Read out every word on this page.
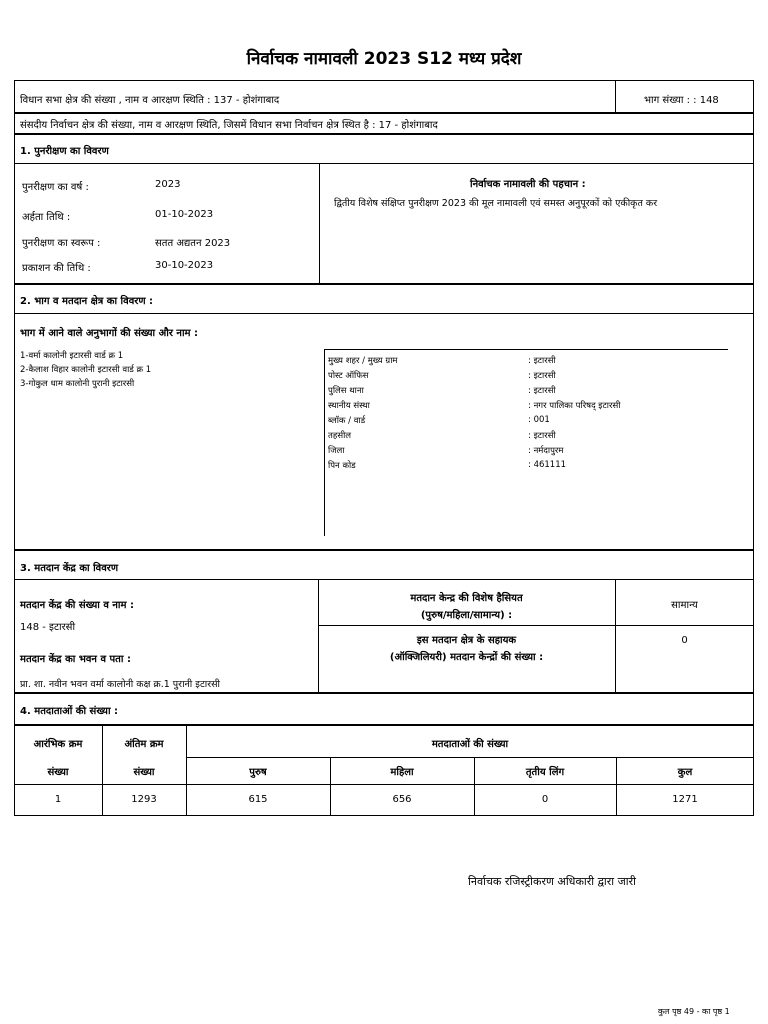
निर्वाचक नामावली 2023 S12 मध्य प्रदेश
विधान सभा क्षेत्र की संख्या , नाम व आरक्षण स्थिति : 137 - होशंगाबाद	भाग संख्या : : 148
संसदीय निर्वाचन क्षेत्र की संख्या, नाम व आरक्षण स्थिति, जिसमें विधान सभा निर्वाचन क्षेत्र स्थित है : 17 - होशंगाबाद
1. पुनरीक्षण का विवरण
पुनरीक्षण का वर्ष :	2023
अर्हता तिथि :	01-10-2023
पुनरीक्षण का स्वरूप :	सतत अद्यतन 2023
प्रकाशन की तिथि :	30-10-2023
निर्वाचक नामावली की पहचान :
द्वितीय विशेष संक्षिप्त पुनरीक्षण 2023 की मूल नामावली एवं समस्त अनुपूरकों को एकीकृत कर
2. भाग व मतदान क्षेत्र का विवरण :
भाग में आने वाले अनुभागों की संख्या और नाम :
1-वर्मा कालोनी इटारसी वार्ड क्र 1
2-कैलाश विहार कालोनी इटारसी वार्ड क्र 1
3-गोकुल धाम कालोनी पुरानी इटारसी
मुख्य शहर / मुख्य ग्राम	: इटारसी
पोस्ट ऑफिस	: इटारसी
पुलिस थाना	: इटारसी
स्थानीय संस्था	: नगर पालिका परिषद् इटारसी
ब्लॉक / वार्ड	: 001
तहसील	: इटारसी
जिला	: नर्मदापुरम
पिन कोड	: 461111
3. मतदान केंद्र का विवरण
मतदान केंद्र की संख्या व नाम :
148 - इटारसी
मतदान केंद्र का भवन व पता :
प्रा. शा. नवीन भवन वर्मा कालोनी कक्ष क्र.1 पुरानी इटारसी
मतदान केन्द्र की विशेष हैसियत
(पुरुष/महिला/सामान्य) :
सामान्य
इस मतदान क्षेत्र के सहायक
(ऑक्जिलियरी) मतदान केन्द्रों की संख्या :
0
4. मतदाताओं की संख्या :
आरंभिक क्रम
संख्या
अंतिम क्रम
संख्या
मतदाताओं की संख्या
पुरुष	महिला	तृतीय लिंग	कुल
1	1293	615	656	0	1271
निर्वाचक रजिस्ट्रीकरण अधिकारी द्वारा जारी
कुल पृष्ठ 49 - का पृष्ठ 1
